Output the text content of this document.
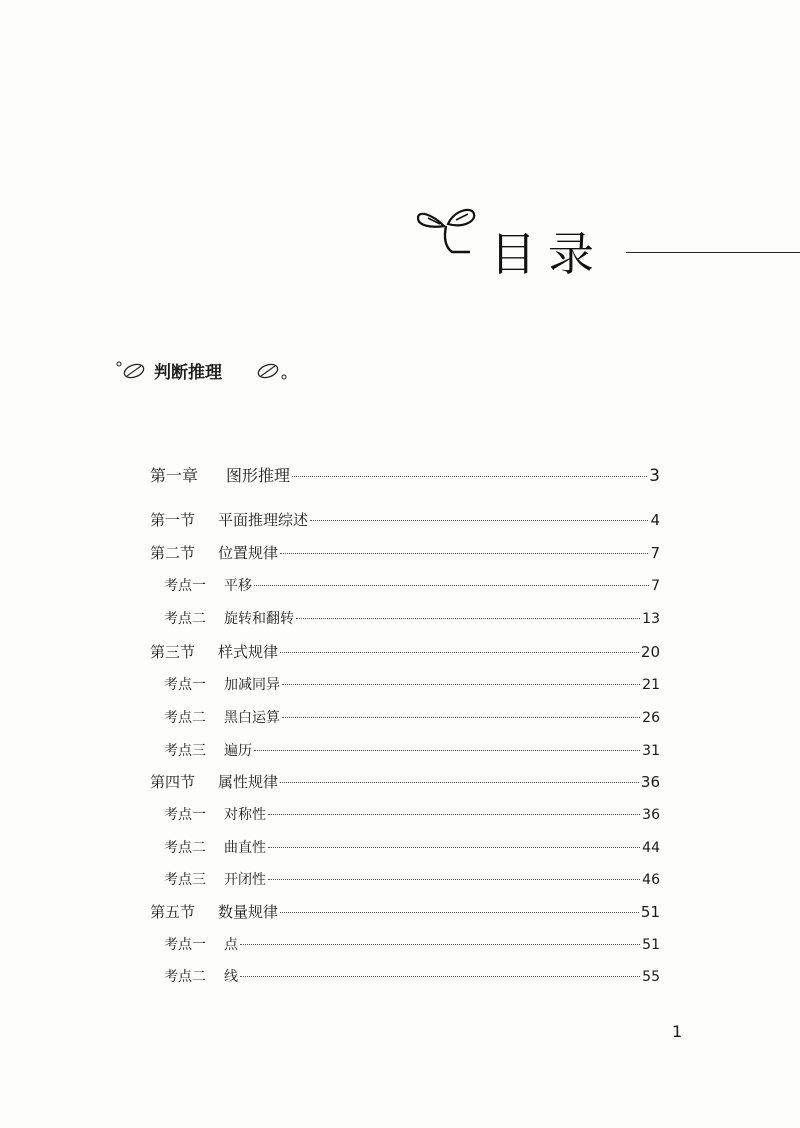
目录
判断推理
第一章	图形推理	3
第一节	平面推理综述	4
第二节	位置规律	7
考点一	平移	7
考点二	旋转和翻转	13
第三节	样式规律	20
考点一	加减同异	21
考点二	黑白运算	26
考点三	遍历	31
第四节	属性规律	36
考点一	对称性	36
考点二	曲直性	44
考点三	开闭性	46
第五节	数量规律	51
考点一	点	51
考点二	线	55
1
